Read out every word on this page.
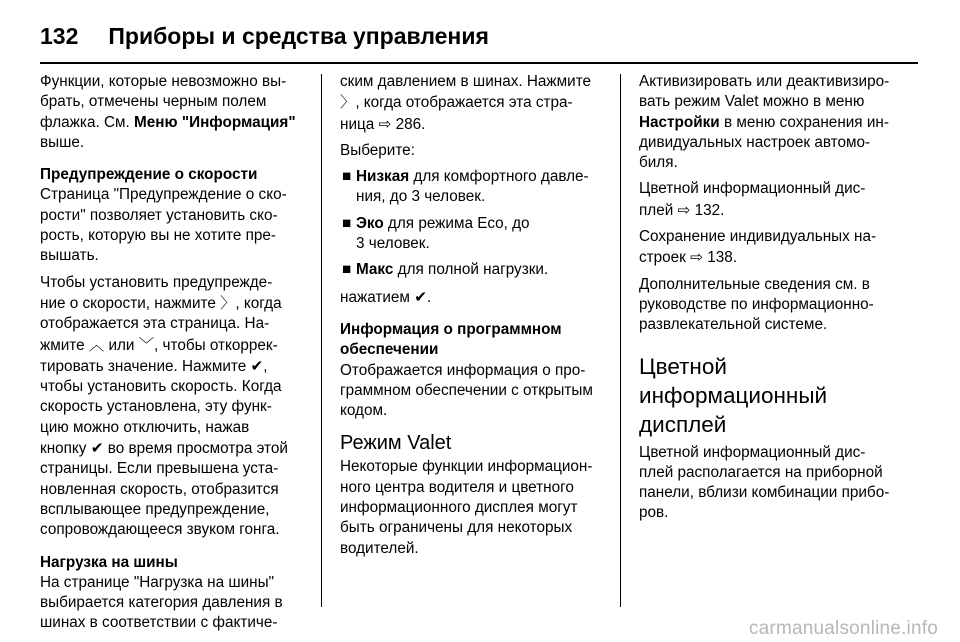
132 Приборы и средства управления

Функции, которые невозможно вы-
брать, отмечены черным полем
флажка. См. Меню "Информация"
выше.

Предупреждение о скорости

Страница "Предупреждение о ско-
рости" позволяет установить ско-
рость, которую вы не хотите пре-
вышать.

Чтобы установить предупрежде-
ние о скорости, нажмите 〉, когда
отображается эта страница. На-
жмите ︿ или ﹀, чтобы откоррек-
тировать значение. Нажмите ✔,
чтобы установить скорость. Когда
скорость установлена, эту функ-
цию можно отключить, нажав
кнопку ✔ во время просмотра этой
страницы. Если превышена уста-
новленная скорость, отобразится
всплывающее предупреждение,
сопровождающееся звуком гонга.

Нагрузка на шины

На странице "Нагрузка на шины"
выбирается категория давления в
шинах в соответствии с фактиче-

ским давлением в шинах. Нажмите
〉, когда отображается эта стра-
ница ⇨ 286.

Выберите:

■ Низкая для комфортного давле-
ния, до 3 человек.
■ Эко для режима Eco, до
3 человек.
■ Макс для полной нагрузки.

нажатием ✔.

Информация о программном
обеспечении

Отображается информация о про-
граммном обеспечении с открытым
кодом.

Режим Valet

Некоторые функции информацион-
ного центра водителя и цветного
информационного дисплея могут
быть ограничены для некоторых
водителей.

Активизировать или деактивизиро-
вать режим Valet можно в меню
Настройки в меню сохранения ин-
дивидуальных настроек автомо-
биля.

Цветной информационный дис-
плей ⇨ 132.

Сохранение индивидуальных на-
строек ⇨ 138.

Дополнительные сведения см. в
руководстве по информационно-
развлекательной системе.

Цветной
информационный
дисплей

Цветной информационный дис-
плей располагается на приборной
панели, вблизи комбинации прибо-
ров.

carmanualsonline.info
